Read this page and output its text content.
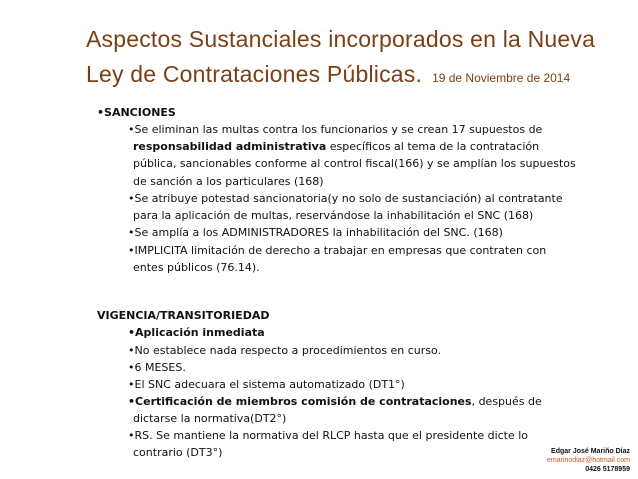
Aspectos Sustanciales incorporados en la Nueva
Ley de Contrataciones Públicas. 19 de Noviembre de 2014
•SANCIONES
•Se eliminan las multas contra los funcionarios y se crean 17 supuestos de
responsabilidad administrativa específicos al tema de la contratación
pública, sancionables conforme al control fiscal(166) y se amplían los supuestos
de sanción a los particulares (168)
•Se atribuye potestad sancionatoria(y no solo de sustanciación) al contratante
para la aplicación de multas, reservándose la inhabilitación el SNC (168)
•Se amplía a los ADMINISTRADORES la inhabilitación del SNC. (168)
•IMPLICITA limitación de derecho a trabajar en empresas que contraten con
entes públicos (76.14).
VIGENCIA/TRANSITORIEDAD
•Aplicación inmediata
•No establece nada respecto a procedimientos en curso.
•6 MESES.
•El SNC adecuara el sistema automatizado (DT1°)
•Certificación de miembros comisión de contrataciones, después de
dictarse la normativa(DT2°)
•RS. Se mantiene la normativa del RLCP hasta que el presidente dicte lo
contrario (DT3°)	Edgar José Mariño Díaz
emarinodiaz@hotmail.com
0426 5178959
